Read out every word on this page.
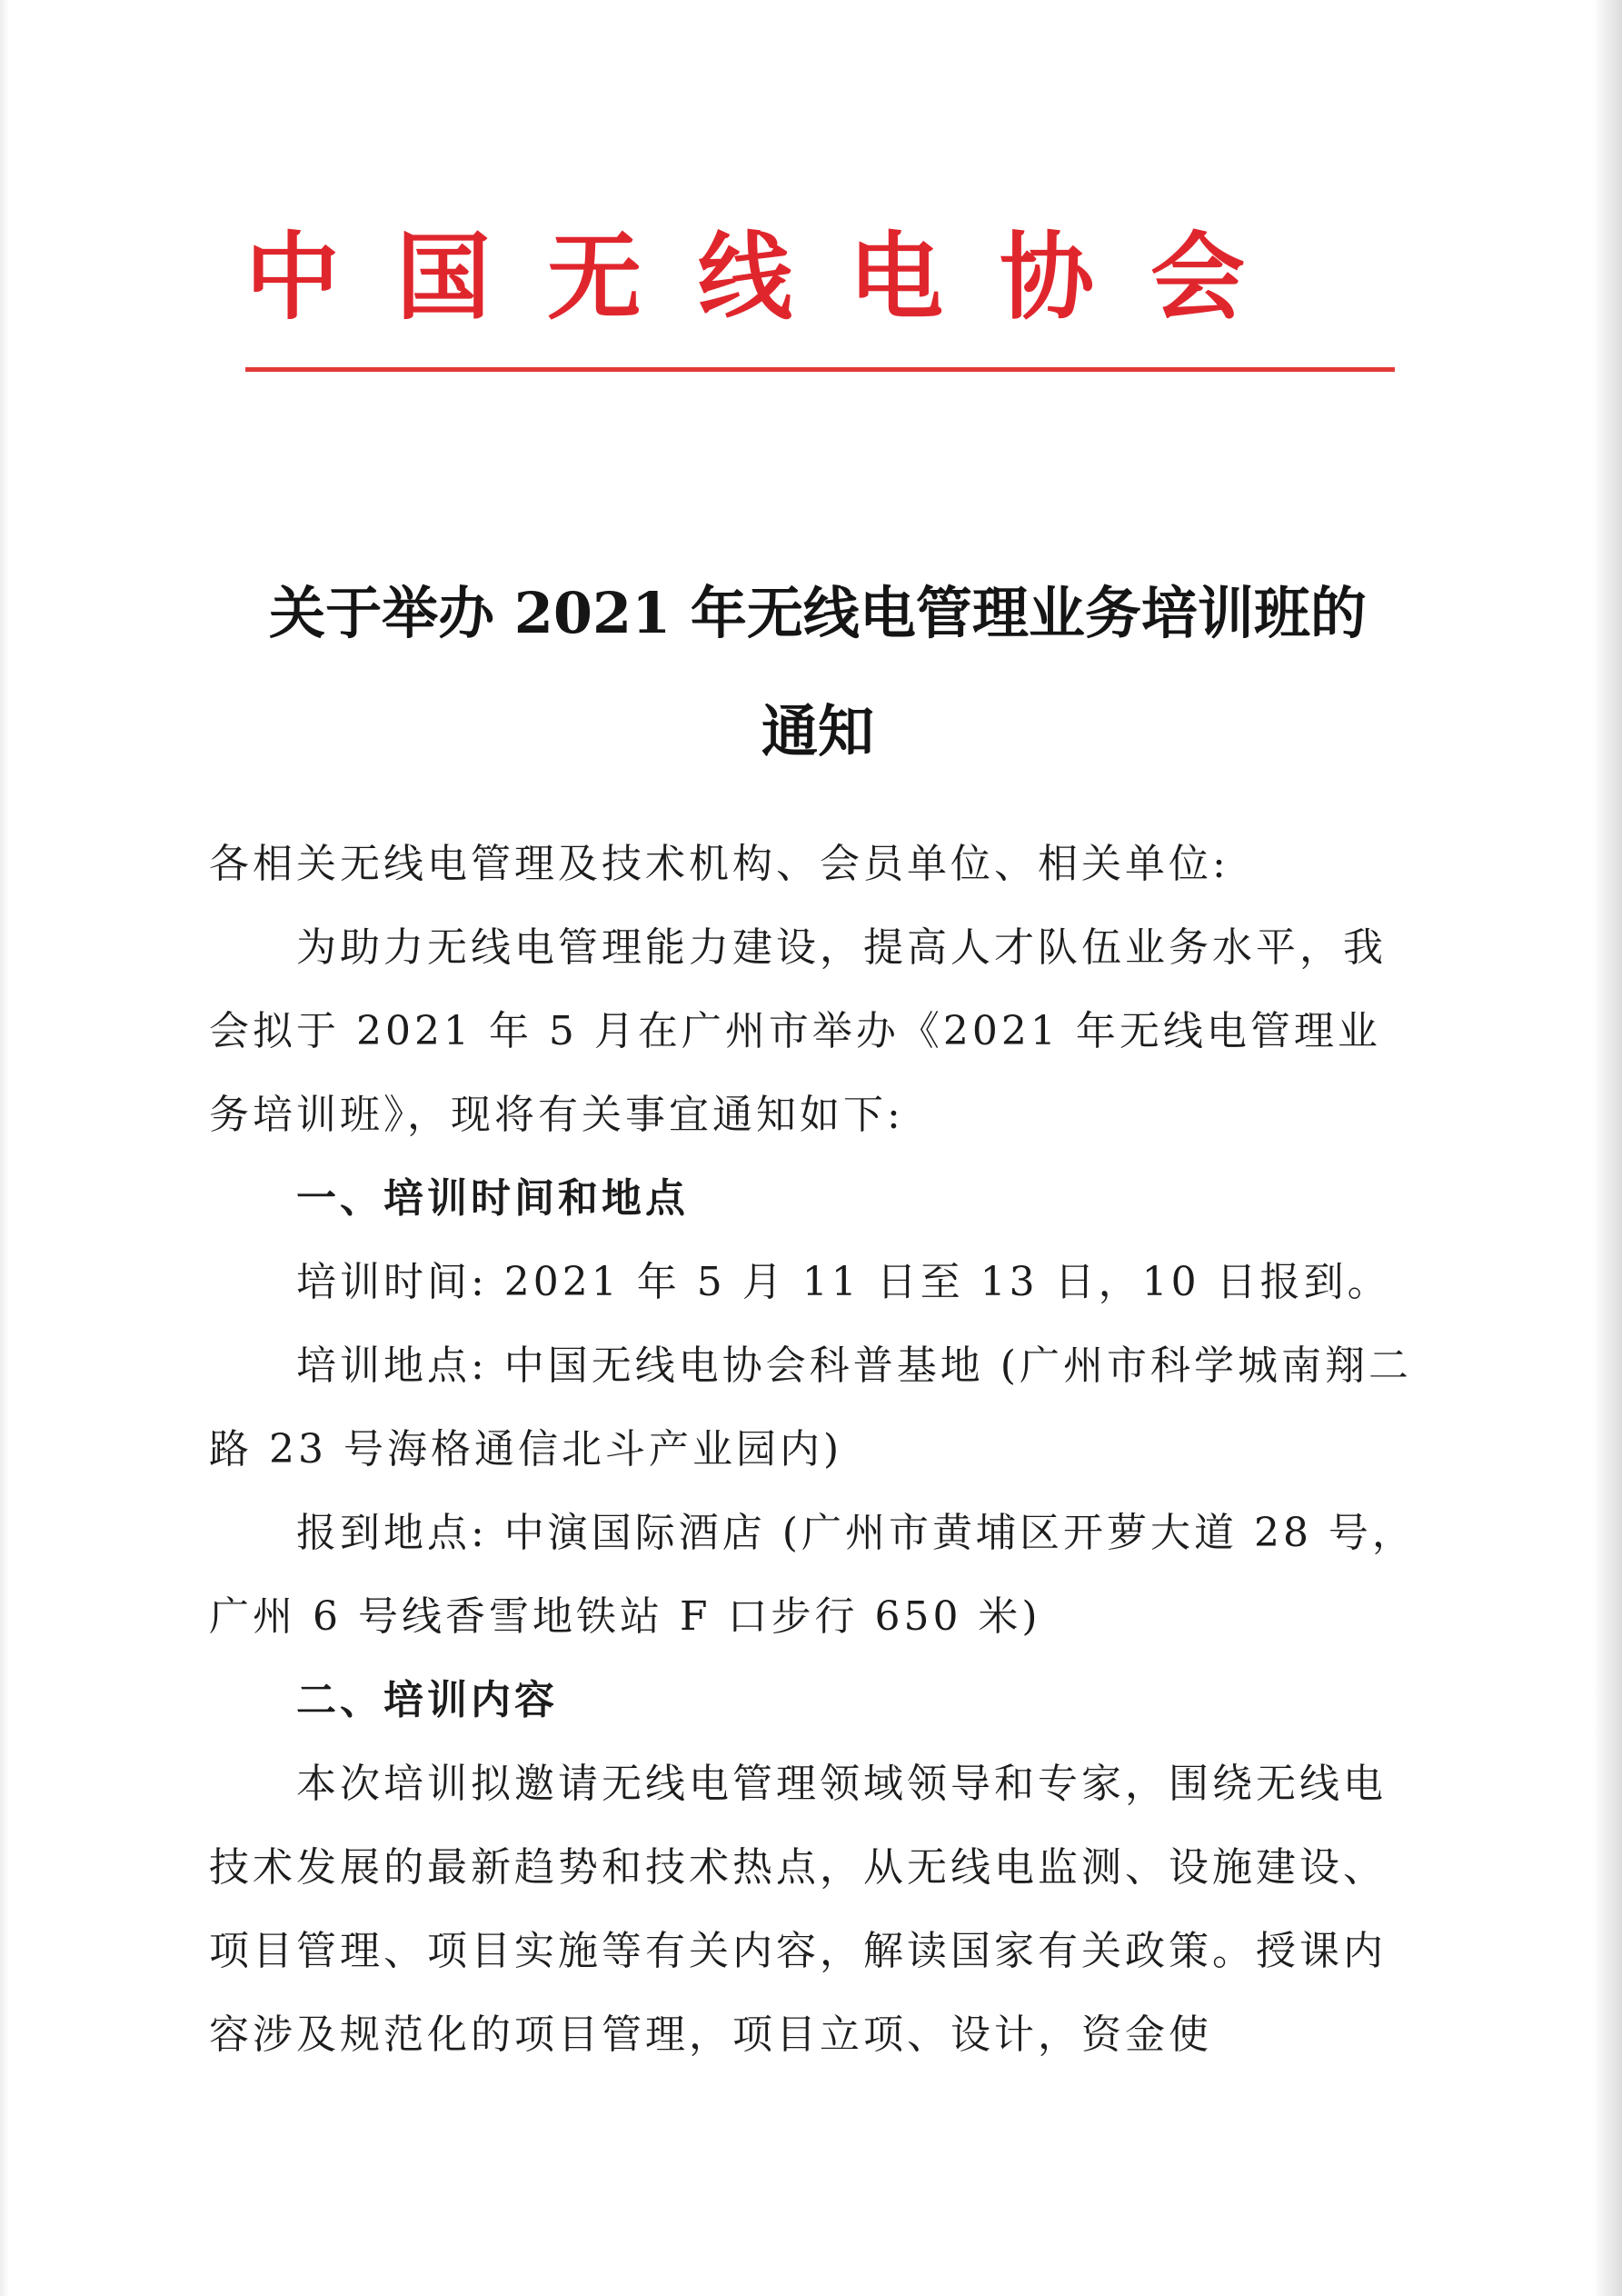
中国无线电协会
关于举办 2021 年无线电管理业务培训班的
通知

各相关无线电管理及技术机构、会员单位、相关单位:

为助力无线电管理能力建设，提高人才队伍业务水平，我会拟于 2021 年 5 月在广州市举办《2021 年无线电管理业务培训班》，现将有关事宜通知如下:

一、培训时间和地点

培训时间: 2021 年 5 月 11 日至 13 日，10 日报到。

培训地点: 中国无线电协会科普基地 (广州市科学城南翔二路 23 号海格通信北斗产业园内)

报到地点: 中演国际酒店 (广州市黄埔区开萝大道 28 号，广州 6 号线香雪地铁站 F 口步行 650 米)

二、培训内容

本次培训拟邀请无线电管理领域领导和专家，围绕无线电技术发展的最新趋势和技术热点，从无线电监测、设施建设、项目管理、项目实施等有关内容，解读国家有关政策。授课内容涉及规范化的项目管理，项目立项、设计，资金使
